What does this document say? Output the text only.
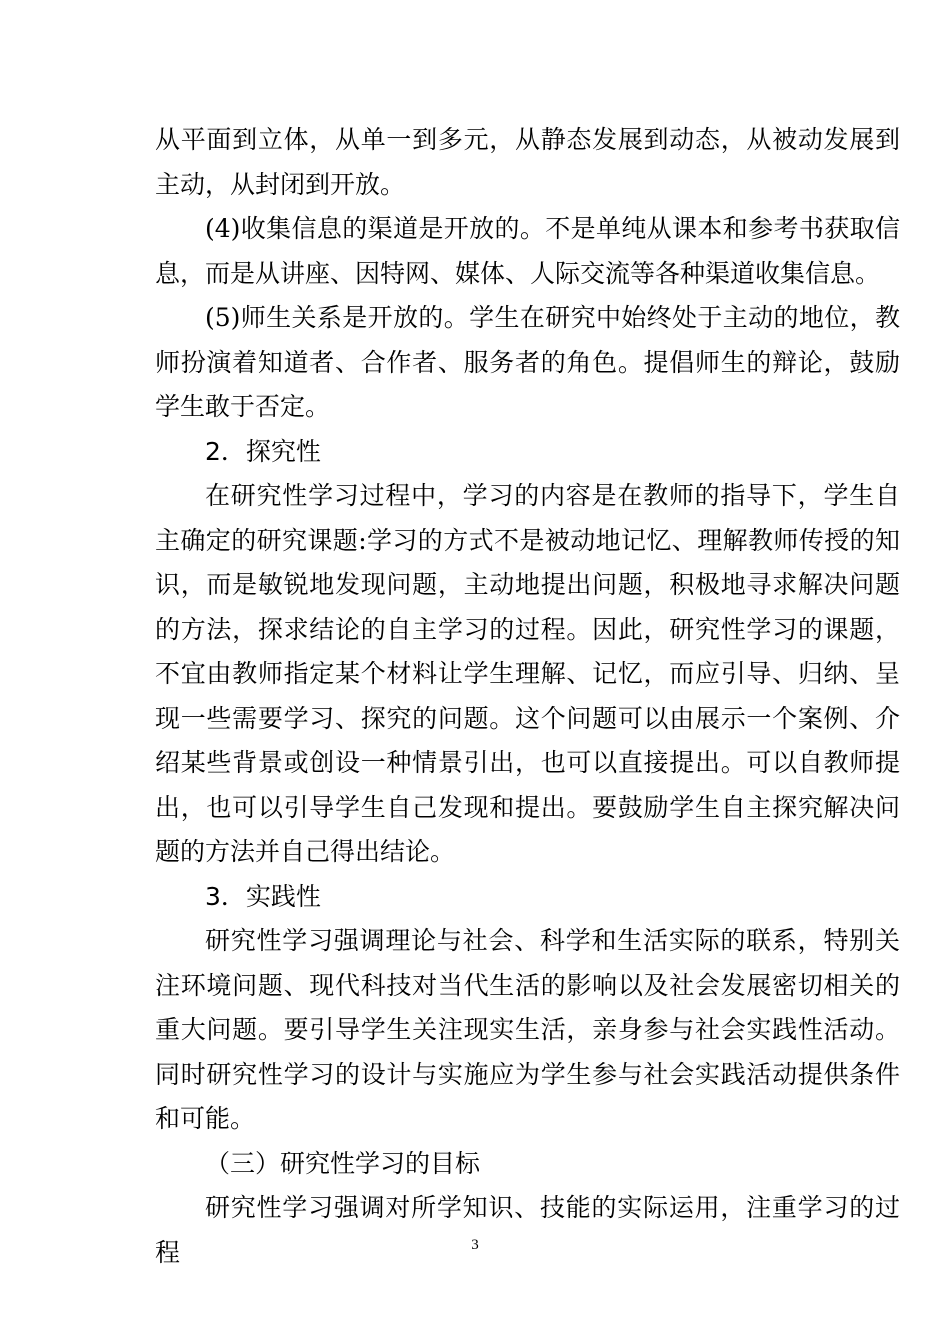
从平面到立体，从单一到多元，从静态发展到动态，从被动发展到主动，从封闭到开放。

(4)收集信息的渠道是开放的。不是单纯从课本和参考书获取信息，而是从讲座、因特网、媒体、人际交流等各种渠道收集信息。

(5)师生关系是开放的。学生在研究中始终处于主动的地位，教师扮演着知道者、合作者、服务者的角色。提倡师生的辩论，鼓励学生敢于否定。

2．探究性

在研究性学习过程中，学习的内容是在教师的指导下，学生自主确定的研究课题:学习的方式不是被动地记忆、理解教师传授的知识，而是敏锐地发现问题，主动地提出问题，积极地寻求解决问题的方法，探求结论的自主学习的过程。因此，研究性学习的课题，不宜由教师指定某个材料让学生理解、记忆，而应引导、归纳、呈现一些需要学习、探究的问题。这个问题可以由展示一个案例、介绍某些背景或创设一种情景引出，也可以直接提出。可以自教师提出，也可以引导学生自己发现和提出。要鼓励学生自主探究解决问题的方法并自己得出结论。

3．实践性

研究性学习强调理论与社会、科学和生活实际的联系，特别关注环境问题、现代科技对当代生活的影响以及社会发展密切相关的重大问题。要引导学生关注现实生活，亲身参与社会实践性活动。同时研究性学习的设计与实施应为学生参与社会实践活动提供条件和可能。

（三）研究性学习的目标

研究性学习强调对所学知识、技能的实际运用，注重学习的过程	3
